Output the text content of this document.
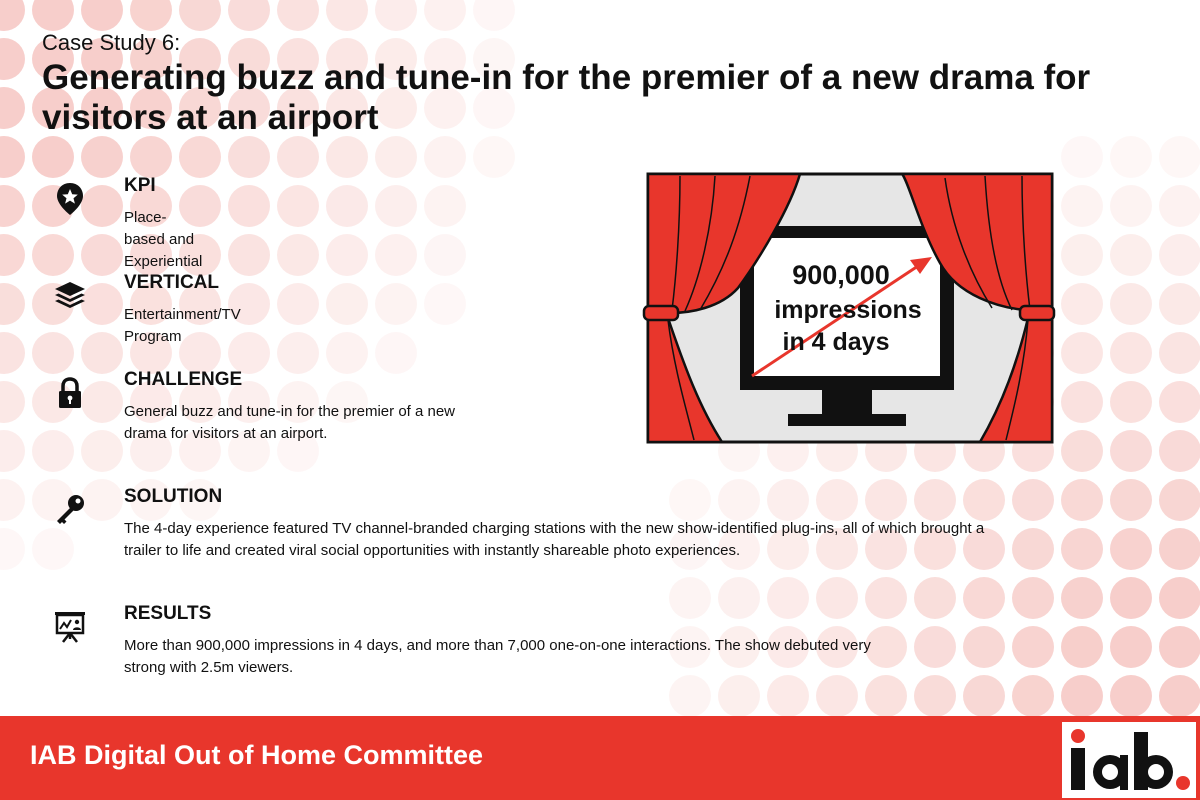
Case Study 6:
Generating buzz and tune-in for the premier of a new drama for visitors at an airport
KPI

Place-based and Experiential

VERTICAL

Entertainment/TV Program

CHALLENGE

General buzz and tune-in for the premier of a new drama for visitors at an airport.

SOLUTION

The 4-day experience featured TV channel-branded charging stations with the new show-identified plug-ins, all of which brought a trailer to life and created viral social opportunities with instantly shareable photo experiences.

RESULTS

More than 900,000 impressions in 4 days, and more than 7,000 one-on-one interactions. The show debuted very strong with 2.5m viewers.

900,000
impressions
in 4 days
IAB Digital Out of Home Committee
